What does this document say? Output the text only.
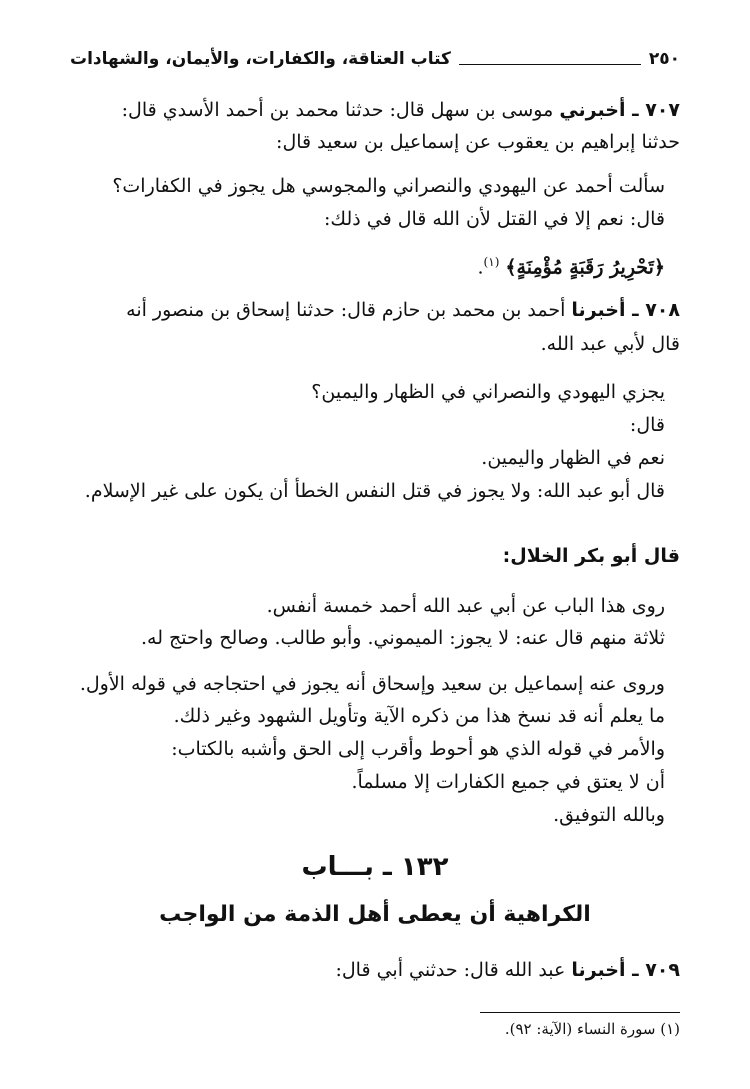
٢٥٠
كتاب العتاقة، والكفارات، والأيمان، والشهادات
٧٠٧ ـ أخبرني موسى بن سهل قال: حدثنا محمد بن أحمد الأسدي قال:
حدثنا إبراهيم بن يعقوب عن إسماعيل بن سعيد قال:
سألت أحمد عن اليهودي والنصراني والمجوسي هل يجوز في الكفارات؟
قال: نعم إلا في القتل لأن الله قال في ذلك:
﴿تَحْرِيرُ رَقَبَةٍ مُؤْمِنَةٍ﴾ $^{(١)}$.
٧٠٨ ـ أخبرنا أحمد بن محمد بن حازم قال: حدثنا إسحاق بن منصور أنه
قال لأبي عبد الله.
يجزي اليهودي والنصراني في الظهار واليمين؟
قال:
نعم في الظهار واليمين.
قال أبو عبد الله: ولا يجوز في قتل النفس الخطأ أن يكون على غير الإسلام.
قال أبو بكر الخلال:
روى هذا الباب عن أبي عبد الله أحمد خمسة أنفس.
ثلاثة منهم قال عنه: لا يجوز: الميموني. وأبو طالب. وصالح واحتج له.
وروى عنه إسماعيل بن سعيد وإسحاق أنه يجوز في احتجاجه في قوله الأول.
ما يعلم أنه قد نسخ هذا من ذكره الآية وتأويل الشهود وغير ذلك.
والأمر في قوله الذي هو أحوط وأقرب إلى الحق وأشبه بالكتاب:
أن لا يعتق في جميع الكفارات إلا مسلماً.
وبالله التوفيق.
١٣٢ ـ بـــاب
الكراهية أن يعطى أهل الذمة من الواجب
٧٠٩ ـ أخبرنا عبد الله قال: حدثني أبي قال:
(١) سورة النساء (الآية: ٩٢).
